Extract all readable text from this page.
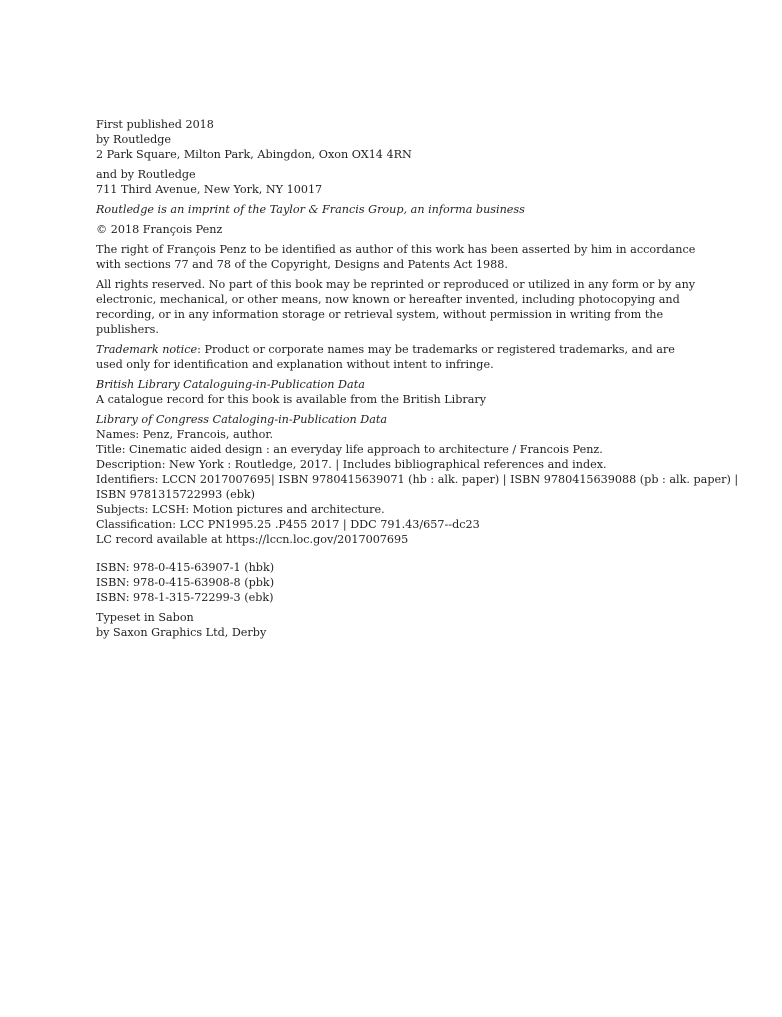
First published 2018
by Routledge
2 Park Square, Milton Park, Abingdon, Oxon OX14 4RN
and by Routledge
711 Third Avenue, New York, NY 10017
Routledge is an imprint of the Taylor & Francis Group, an informa business
© 2018 François Penz
The right of François Penz to be identified as author of this work has been asserted by him in accordance with sections 77 and 78 of the Copyright, Designs and Patents Act 1988.
All rights reserved. No part of this book may be reprinted or reproduced or utilized in any form or by any electronic, mechanical, or other means, now known or hereafter invented, including photocopying and recording, or in any information storage or retrieval system, without permission in writing from the publishers.
Trademark notice: Product or corporate names may be trademarks or registered trademarks, and are used only for identification and explanation without intent to infringe.
British Library Cataloguing-in-Publication Data
A catalogue record for this book is available from the British Library
Library of Congress Cataloging-in-Publication Data
Names: Penz, Francois, author.
Title: Cinematic aided design : an everyday life approach to architecture / Francois Penz.
Description: New York : Routledge, 2017. | Includes bibliographical references and index.
Identifiers: LCCN 2017007695| ISBN 9780415639071 (hb : alk. paper) | ISBN 9780415639088 (pb : alk. paper) |
ISBN 9781315722993 (ebk)
Subjects: LCSH: Motion pictures and architecture.
Classification: LCC PN1995.25 .P455 2017 | DDC 791.43/657--dc23
LC record available at https://lccn.loc.gov/2017007695
ISBN: 978-0-415-63907-1 (hbk)
ISBN: 978-0-415-63908-8 (pbk)
ISBN: 978-1-315-72299-3 (ebk)
Typeset in Sabon
by Saxon Graphics Ltd, Derby
